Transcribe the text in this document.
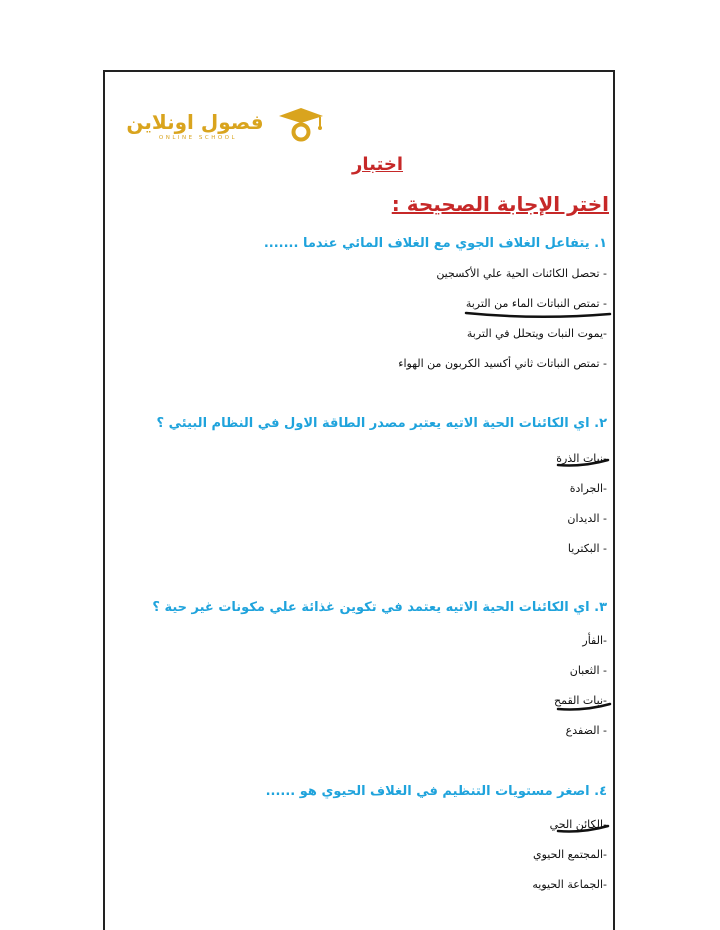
فصول اونلاين
ONLINE SCHOOL
اختبار
اختر الإجابة الصحيحة :
١. يتفاعل الغلاف الجوي مع الغلاف المائي عندما .......
- تحصل الكائنات الحية علي الأكسجين
- تمتص النباتات الماء من التربة
-يموت النبات ويتحلل في التربة
- تمتص النباتات ثاني أكسيد الكربون من الهواء
٢. اي الكائنات الحية الاتيه يعتبر مصدر الطاقة الاول في النظام البيئي ؟
-نبات الذرة
-الجرادة
- الديدان
- البكتريا
٣. اي الكائنات الحية الاتيه يعتمد في تكوين غذائة علي مكونات غير حية ؟
-الفأر
- الثعبان
-نبات القمح
- الضفدع
٤. اصغر مستويات التنظيم في الغلاف الحيوي هو ......
-الكائن الحي
-المجتمع الحيوي
-الجماعة الحيويه
